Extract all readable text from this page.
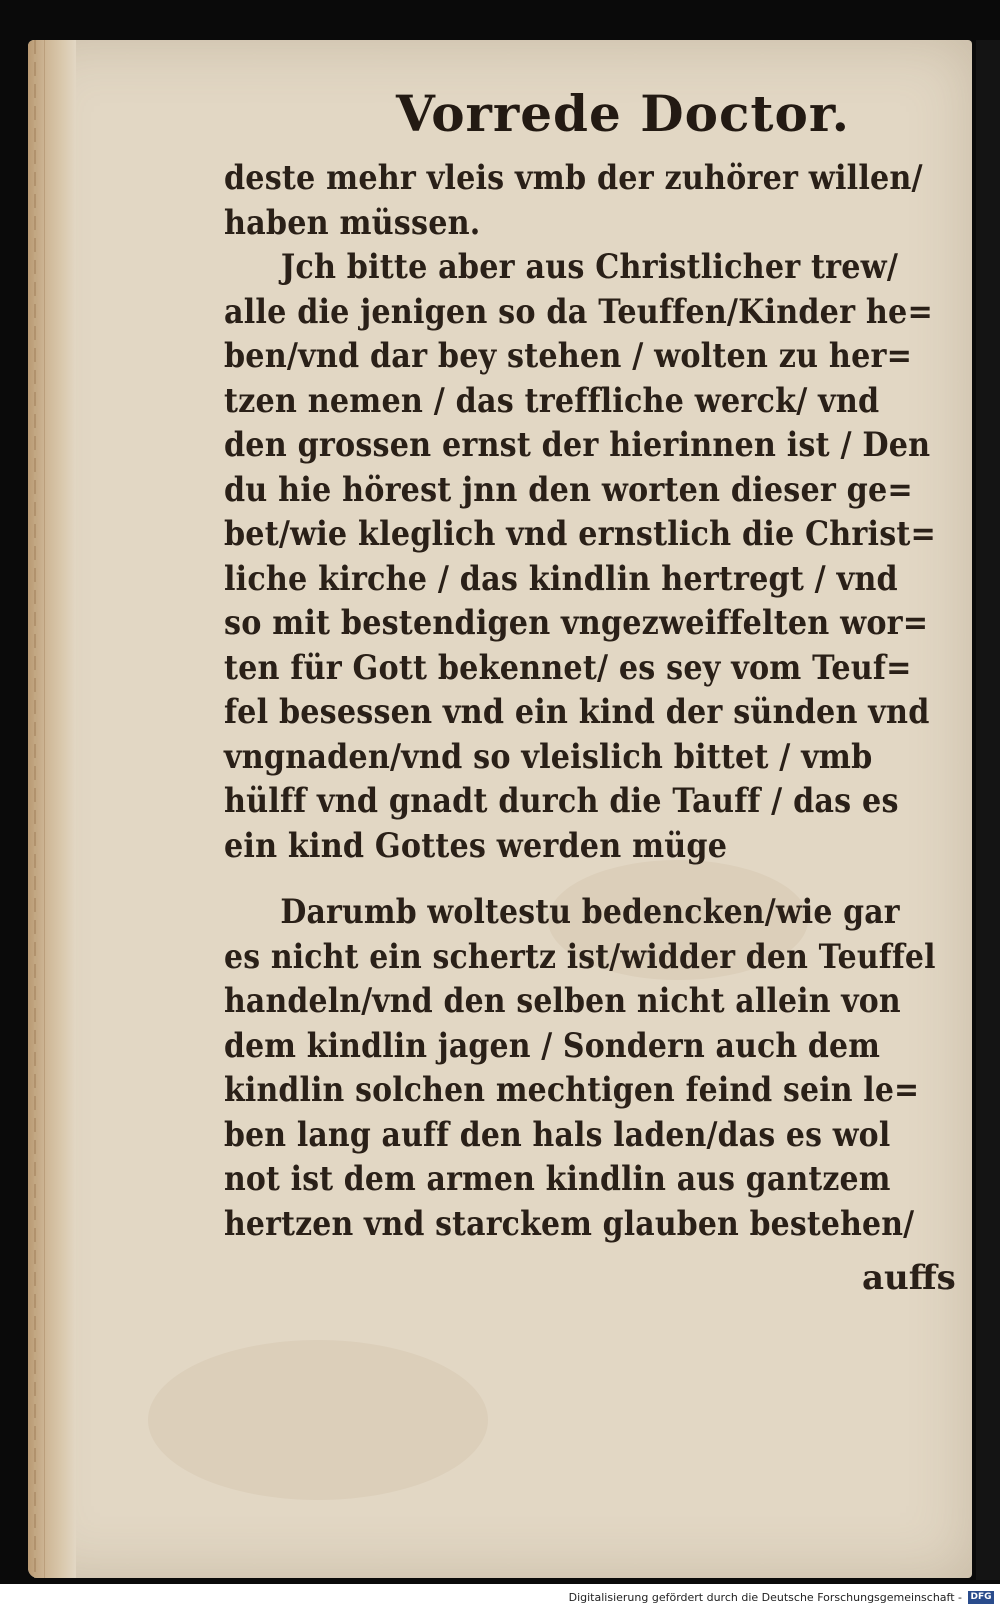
Vorrede Doctor.
deste mehr vleis vmb der zuhörer willen/
haben müssen.
Jch bitte aber aus Christlicher trew/
alle die jenigen so da Teuffen/Kinder he=
ben/vnd dar bey stehen / wolten zu her=
tzen nemen / das treffliche werck/ vnd
den grossen ernst der hierinnen ist / Den
du hie hörest jnn den worten dieser ge=
bet/wie kleglich vnd ernstlich die Christ=
liche kirche / das kindlin hertregt / vnd
so mit bestendigen vngezweiffelten wor=
ten für Gott bekennet/ es sey vom Teuf=
fel besessen vnd ein kind der sünden vnd
vngnaden/vnd so vleislich bittet / vmb
hülff vnd gnadt durch die Tauff / das es
ein kind Gottes werden müge
Darumb woltestu bedencken/wie gar
es nicht ein schertz ist/widder den Teuffel
handeln/vnd den selben nicht allein von
dem kindlin jagen / Sondern auch dem
kindlin solchen mechtigen feind sein le=
ben lang auff den hals laden/das es wol
not ist dem armen kindlin aus gantzem
hertzen vnd starckem glauben bestehen/
auffs
Digitalisierung gefördert durch die Deutsche Forschungsgemeinschaft - DFG
